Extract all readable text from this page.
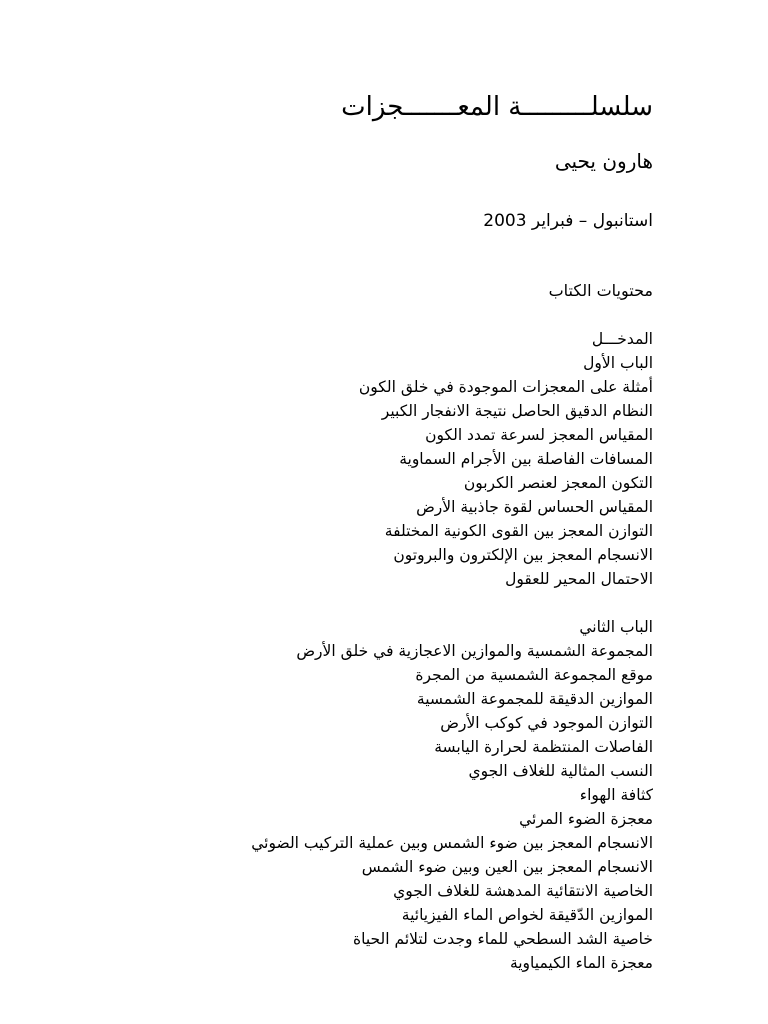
سلسلـــــــــة المعـــــــجزات
هارون يحيى
استانبول – فبراير 2003
محتويات الكتاب
المدخـــل
الباب الأول
أمثلة على المعجزات الموجودة في خلق الكون
النظام الدقيق الحاصل نتيجة الانفجار الكبير
المقياس المعجز لسرعة تمدد الكون
المسافات الفاصلة بين الأجرام السماوية
التكون المعجز لعنصر الكربون
المقياس الحساس لقوة جاذبية الأرض
التوازن المعجز بين القوى الكونية المختلفة
الانسجام المعجز بين الإلكترون والبروتون
الاحتمال المحير للعقول
الباب الثاني
المجموعة الشمسية والموازين الاعجازية في خلق الأرض
موقع المجموعة الشمسية من المجرة
الموازين الدقيقة للمجموعة الشمسية
التوازن الموجود في كوكب الأرض
الفاصلات المنتظمة لحرارة اليابسة
النسب المثالية للغلاف الجوي
كثافة الهواء
معجزة الضوء المرئي
الانسجام المعجز بين ضوء الشمس وبين عملية التركيب الضوئي
الانسجام المعجز بين العين وبين ضوء الشمس
الخاصية الانتقائية المدهشة للغلاف الجوي
الموازين الدّقيقة لخواص الماء الفيزيائية
خاصية الشد السطحي للماء وجدت لتلائم الحياة
معجزة الماء الكيمياوية
